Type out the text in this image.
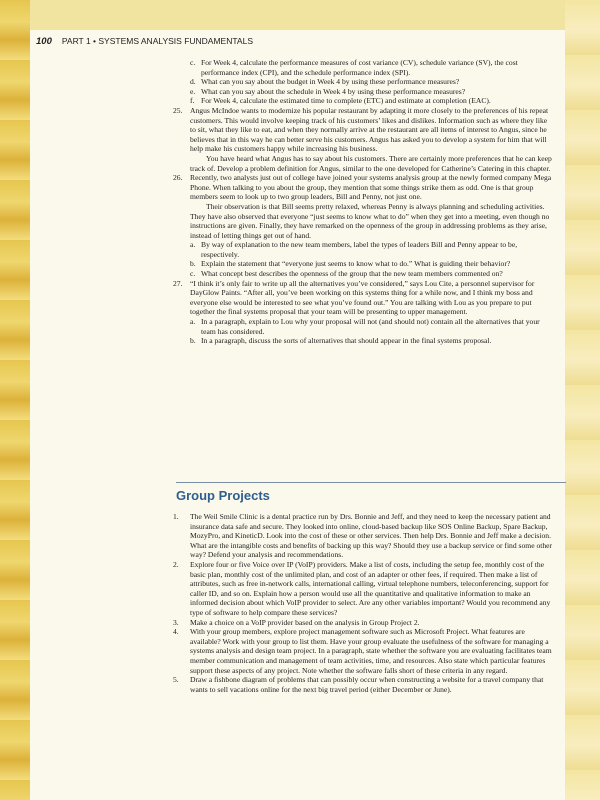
100 PART 1 • SYSTEMS ANALYSIS FUNDAMENTALS
c. For Week 4, calculate the performance measures of cost variance (CV), schedule variance (SV), the cost performance index (CPI), and the schedule performance index (SPI).
d. What can you say about the budget in Week 4 by using these performance measures?
e. What can you say about the schedule in Week 4 by using these performance measures?
f. For Week 4, calculate the estimated time to complete (ETC) and estimate at completion (EAC).
25. Angus McIndoe wants to modernize his popular restaurant by adapting it more closely to the preferences of his repeat customers. This would involve keeping track of his customers’ likes and dislikes. Information such as where they like to sit, what they like to eat, and when they normally arrive at the restaurant are all items of interest to Angus, since he believes that in this way he can better serve his customers. Angus has asked you to develop a system for him that will help make his customers happy while increasing his business.
You have heard what Angus has to say about his customers. There are certainly more preferences that he can keep track of. Develop a problem definition for Angus, similar to the one developed for Catherine’s Catering in this chapter.
26. Recently, two analysts just out of college have joined your systems analysis group at the newly formed company Mega Phone. When talking to you about the group, they mention that some things strike them as odd. One is that group members seem to look up to two group leaders, Bill and Penny, not just one.
Their observation is that Bill seems pretty relaxed, whereas Penny is always planning and scheduling activities. They have also observed that everyone “just seems to know what to do” when they get into a meeting, even though no instructions are given. Finally, they have remarked on the openness of the group in addressing problems as they arise, instead of letting things get out of hand.
a. By way of explanation to the new team members, label the types of leaders Bill and Penny appear to be, respectively.
b. Explain the statement that “everyone just seems to know what to do.” What is guiding their behavior?
c. What concept best describes the openness of the group that the new team members commented on?
27. “I think it’s only fair to write up all the alternatives you’ve considered,” says Lou Cite, a personnel supervisor for DayGlow Paints. “After all, you’ve been working on this systems thing for a while now, and I think my boss and everyone else would be interested to see what you’ve found out.” You are talking with Lou as you prepare to put together the final systems proposal that your team will be presenting to upper management.
a. In a paragraph, explain to Lou why your proposal will not (and should not) contain all the alternatives that your team has considered.
b. In a paragraph, discuss the sorts of alternatives that should appear in the final systems proposal.
Group Projects
1. The Weil Smile Clinic is a dental practice run by Drs. Bonnie and Jeff, and they need to keep the necessary patient and insurance data safe and secure. They looked into online, cloud-based backup like SOS Online Backup, Spare Backup, MozyPro, and KineticD. Look into the cost of these or other services. Then help Drs. Bonnie and Jeff make a decision. What are the intangible costs and benefits of backing up this way? Should they use a backup service or find some other way? Defend your analysis and recommendations.
2. Explore four or five Voice over IP (VoIP) providers. Make a list of costs, including the setup fee, monthly cost of the basic plan, monthly cost of the unlimited plan, and cost of an adapter or other fees, if required. Then make a list of attributes, such as free in-network calls, international calling, virtual telephone numbers, teleconferencing, support for caller ID, and so on. Explain how a person would use all the quantitative and qualitative information to make an informed decision about which VoIP provider to select. Are any other variables important? Would you recommend any type of software to help compare these services?
3. Make a choice on a VoIP provider based on the analysis in Group Project 2.
4. With your group members, explore project management software such as Microsoft Project. What features are available? Work with your group to list them. Have your group evaluate the usefulness of the software for managing a systems analysis and design team project. In a paragraph, state whether the software you are evaluating facilitates team member communication and management of team activities, time, and resources. Also state which particular features support these aspects of any project. Note whether the software falls short of these criteria in any regard.
5. Draw a fishbone diagram of problems that can possibly occur when constructing a website for a travel company that wants to sell vacations online for the next big travel period (either December or June).
